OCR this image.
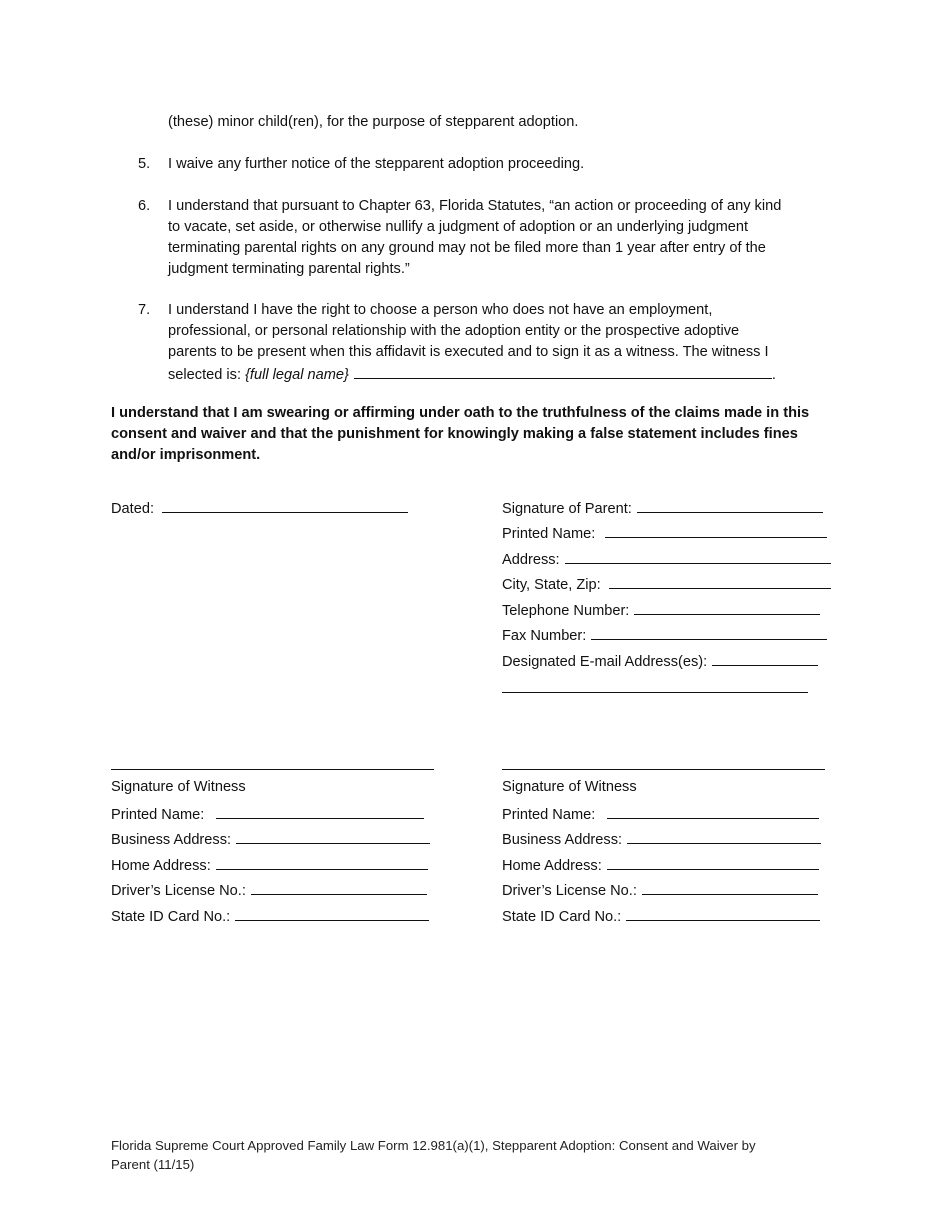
(these) minor child(ren), for the purpose of stepparent adoption.
5.	I waive any further notice of the stepparent adoption proceeding.
6.	I understand that pursuant to Chapter 63, Florida Statutes, “an action or proceeding of any kind
to vacate, set aside, or otherwise nullify a judgment of adoption or an underlying judgment
terminating parental rights on any ground may not be filed more than 1 year after entry of the
judgment terminating parental rights.”
7.	I understand I have the right to choose a person who does not have an employment,
professional, or personal relationship with the adoption entity or the prospective adoptive
parents to be present when this affidavit is executed and to sign it as a witness. The witness I
selected is: {full legal name}	.
I understand that I am swearing or affirming under oath to the truthfulness of the claims made in this
consent and waiver and that the punishment for knowingly making a false statement includes fines
and/or imprisonment.
Dated:	Signature of Parent:
Printed Name:
Address:
City, State, Zip:
Telephone Number:
Fax Number:
Designated E-mail Address(es):
Signature of Witness
Printed Name:
Business Address:
Home Address:
Driver’s License No.:
State ID Card No.:
Signature of Witness
Printed Name:
Business Address:
Home Address:
Driver’s License No.:
State ID Card No.:
Florida Supreme Court Approved Family Law Form 12.981(a)(1), Stepparent Adoption: Consent and Waiver by
Parent (11/15)
